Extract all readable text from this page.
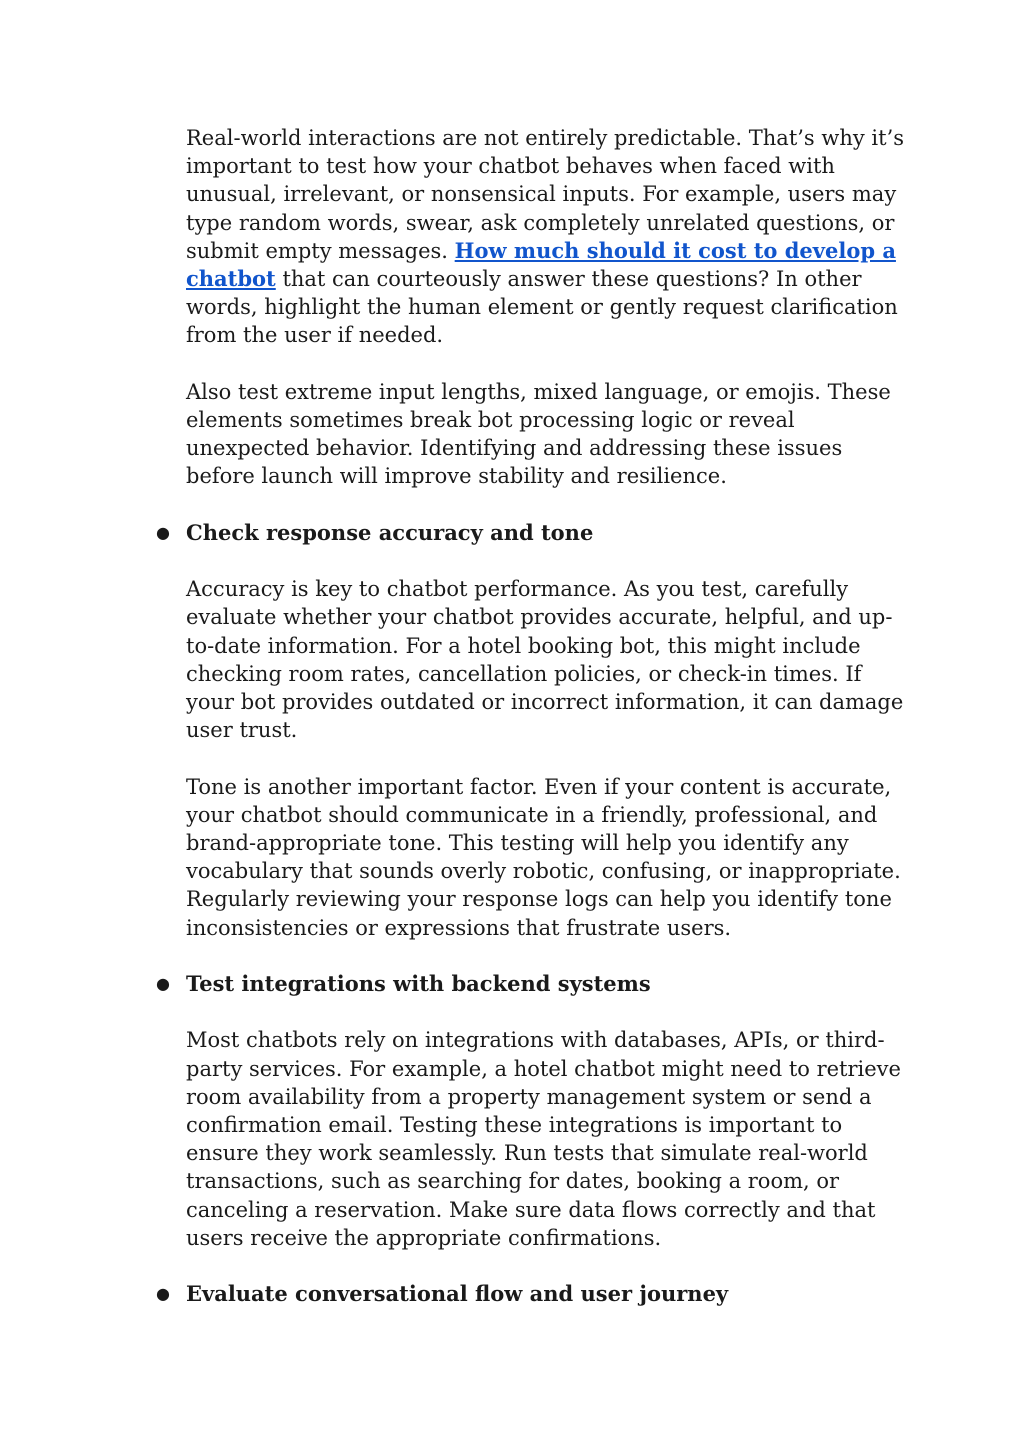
Real-world interactions are not entirely predictable. That’s why it’s important to test how your chatbot behaves when faced with unusual, irrelevant, or nonsensical inputs. For example, users may type random words, swear, ask completely unrelated questions, or submit empty messages. How much should it cost to develop a chatbot that can courteously answer these questions? In other words, highlight the human element or gently request clarification from the user if needed.

Also test extreme input lengths, mixed language, or emojis. These elements sometimes break bot processing logic or reveal unexpected behavior. Identifying and addressing these issues before launch will improve stability and resilience.

● Check response accuracy and tone

Accuracy is key to chatbot performance. As you test, carefully evaluate whether your chatbot provides accurate, helpful, and up-to-date information. For a hotel booking bot, this might include checking room rates, cancellation policies, or check-in times. If your bot provides outdated or incorrect information, it can damage user trust.

Tone is another important factor. Even if your content is accurate, your chatbot should communicate in a friendly, professional, and brand-appropriate tone. This testing will help you identify any vocabulary that sounds overly robotic, confusing, or inappropriate. Regularly reviewing your response logs can help you identify tone inconsistencies or expressions that frustrate users.

● Test integrations with backend systems

Most chatbots rely on integrations with databases, APIs, or third-party services. For example, a hotel chatbot might need to retrieve room availability from a property management system or send a confirmation email. Testing these integrations is important to ensure they work seamlessly. Run tests that simulate real-world transactions, such as searching for dates, booking a room, or canceling a reservation. Make sure data flows correctly and that users receive the appropriate confirmations.

● Evaluate conversational flow and user journey
